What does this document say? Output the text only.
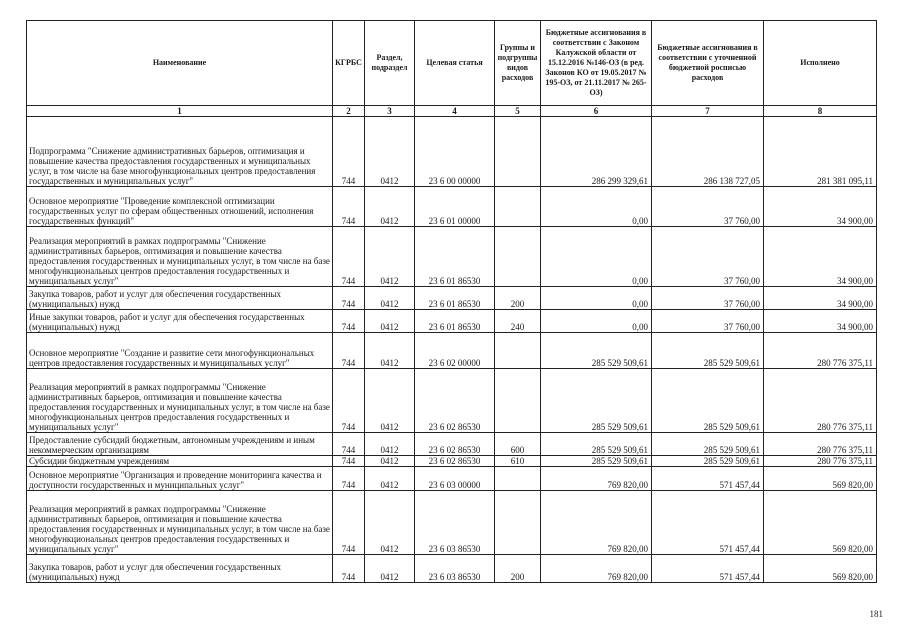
Наименование	КГРБС	Раздел, подраздел	Целевая статья	Группы и подгруппы видов расходов	Бюджетные ассигнования в соответствии с Законом Калужской области от 15.12.2016 №146-ОЗ (в ред. Законов КО от 19.05.2017 № 195-ОЗ, от 21.11.2017 № 265-ОЗ)	Бюджетные ассигнования в соответствии с уточненной бюджетной росписью расходов	Исполнено
1	2	3	4	5	6	7	8
Подпрограмма "Снижение административных барьеров, оптимизация и повышение качества предоставления государственных и муниципальных услуг, в том числе на базе многофункциональных центров предоставления государственных и муниципальных услуг"	744	0412	23 6 00 00000		286 299 329,61	286 138 727,05	281 381 095,11
Основное мероприятие "Проведение комплексной оптимизации государственных услуг по сферам общественных отношений, исполнения государственных функций"	744	0412	23 6 01 00000		0,00	37 760,00	34 900,00
Реализация мероприятий в рамках подпрограммы "Снижение административных барьеров, оптимизация и повышение качества предоставления государственных и муниципальных услуг, в том числе на базе многофункциональных центров предоставления государственных и муниципальных услуг"	744	0412	23 6 01 86530		0,00	37 760,00	34 900,00
Закупка товаров, работ и услуг для обеспечения государственных (муниципальных) нужд	744	0412	23 6 01 86530	200	0,00	37 760,00	34 900,00
Иные закупки товаров, работ и услуг для обеспечения государственных (муниципальных) нужд	744	0412	23 6 01 86530	240	0,00	37 760,00	34 900,00
Основное мероприятие "Создание и развитие сети многофункциональных центров предоставления государственных и муниципальных услуг"	744	0412	23 6 02 00000		285 529 509,61	285 529 509,61	280 776 375,11
Реализация мероприятий в рамках подпрограммы "Снижение административных барьеров, оптимизация и повышение качества предоставления государственных и муниципальных услуг, в том числе на базе многофункциональных центров предоставления государственных и муниципальных услуг"	744	0412	23 6 02 86530		285 529 509,61	285 529 509,61	280 776 375,11
Предоставление субсидий бюджетным, автономным учреждениям и иным некоммерческим организациям	744	0412	23 6 02 86530	600	285 529 509,61	285 529 509,61	280 776 375,11
Субсидии бюджетным учреждениям	744	0412	23 6 02 86530	610	285 529 509,61	285 529 509,61	280 776 375,11
Основное мероприятие "Организация и проведение мониторинга качества и доступности государственных и муниципальных услуг"	744	0412	23 6 03 00000		769 820,00	571 457,44	569 820,00
Реализация мероприятий в рамках подпрограммы "Снижение административных барьеров, оптимизация и повышение качества предоставления государственных и муниципальных услуг, в том числе на базе многофункциональных центров предоставления государственных и муниципальных услуг"	744	0412	23 6 03 86530		769 820,00	571 457,44	569 820,00
Закупка товаров, работ и услуг для обеспечения государственных (муниципальных) нужд	744	0412	23 6 03 86530	200	769 820,00	571 457,44	569 820,00
181
